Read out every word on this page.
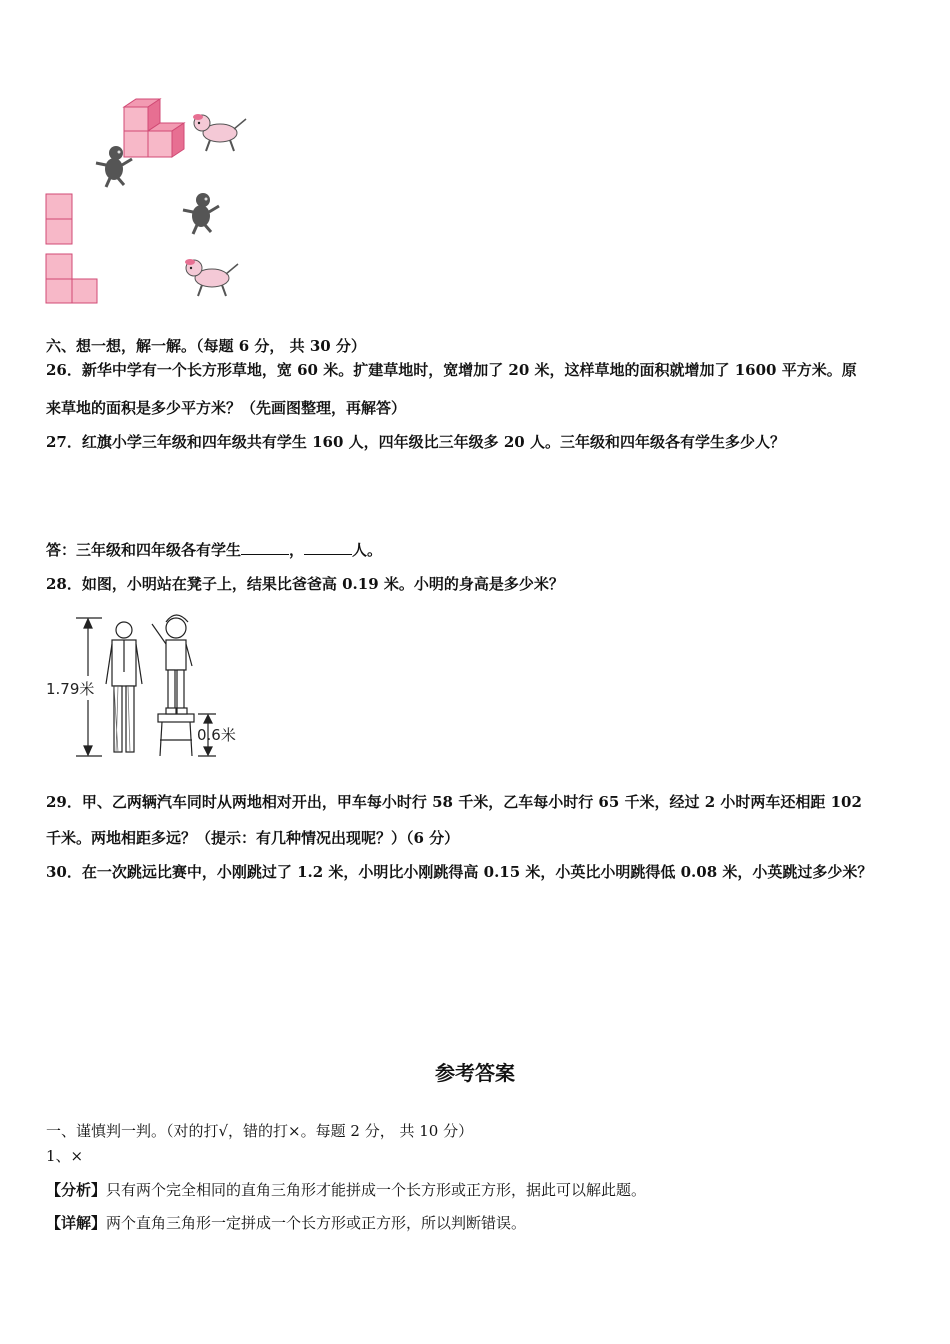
六、想一想，解一解。（每题 6 分， 共 30 分）
26．新华中学有一个长方形草地，宽 60 米。扩建草地时，宽增加了 20 米，这样草地的面积就增加了 1600 平方米。原
来草地的面积是多少平方米？（先画图整理，再解答）
27．红旗小学三年级和四年级共有学生 160 人，四年级比三年级多 20 人。三年级和四年级各有学生多少人？
答：三年级和四年级各有学生	，	人。
28．如图，小明站在凳子上，结果比爸爸高 0.19 米。小明的身高是多少米？
1.79米
0.6米
29．甲、乙两辆汽车同时从两地相对开出，甲车每小时行 58 千米，乙车每小时行 65 千米，经过 2 小时两车还相距 102
千米。两地相距多远？（提示：有几种情况出现呢？）（6 分）
30．在一次跳远比赛中，小刚跳过了 1.2 米，小明比小刚跳得高 0.15 米，小英比小明跳得低 0.08 米，小英跳过多少米？
参考答案
一、谨慎判一判。（对的打√，错的打×。每题 2 分， 共 10 分）
1、×
【分析】只有两个完全相同的直角三角形才能拼成一个长方形或正方形，据此可以解此题。
【详解】两个直角三角形一定拼成一个长方形或正方形，所以判断错误。
